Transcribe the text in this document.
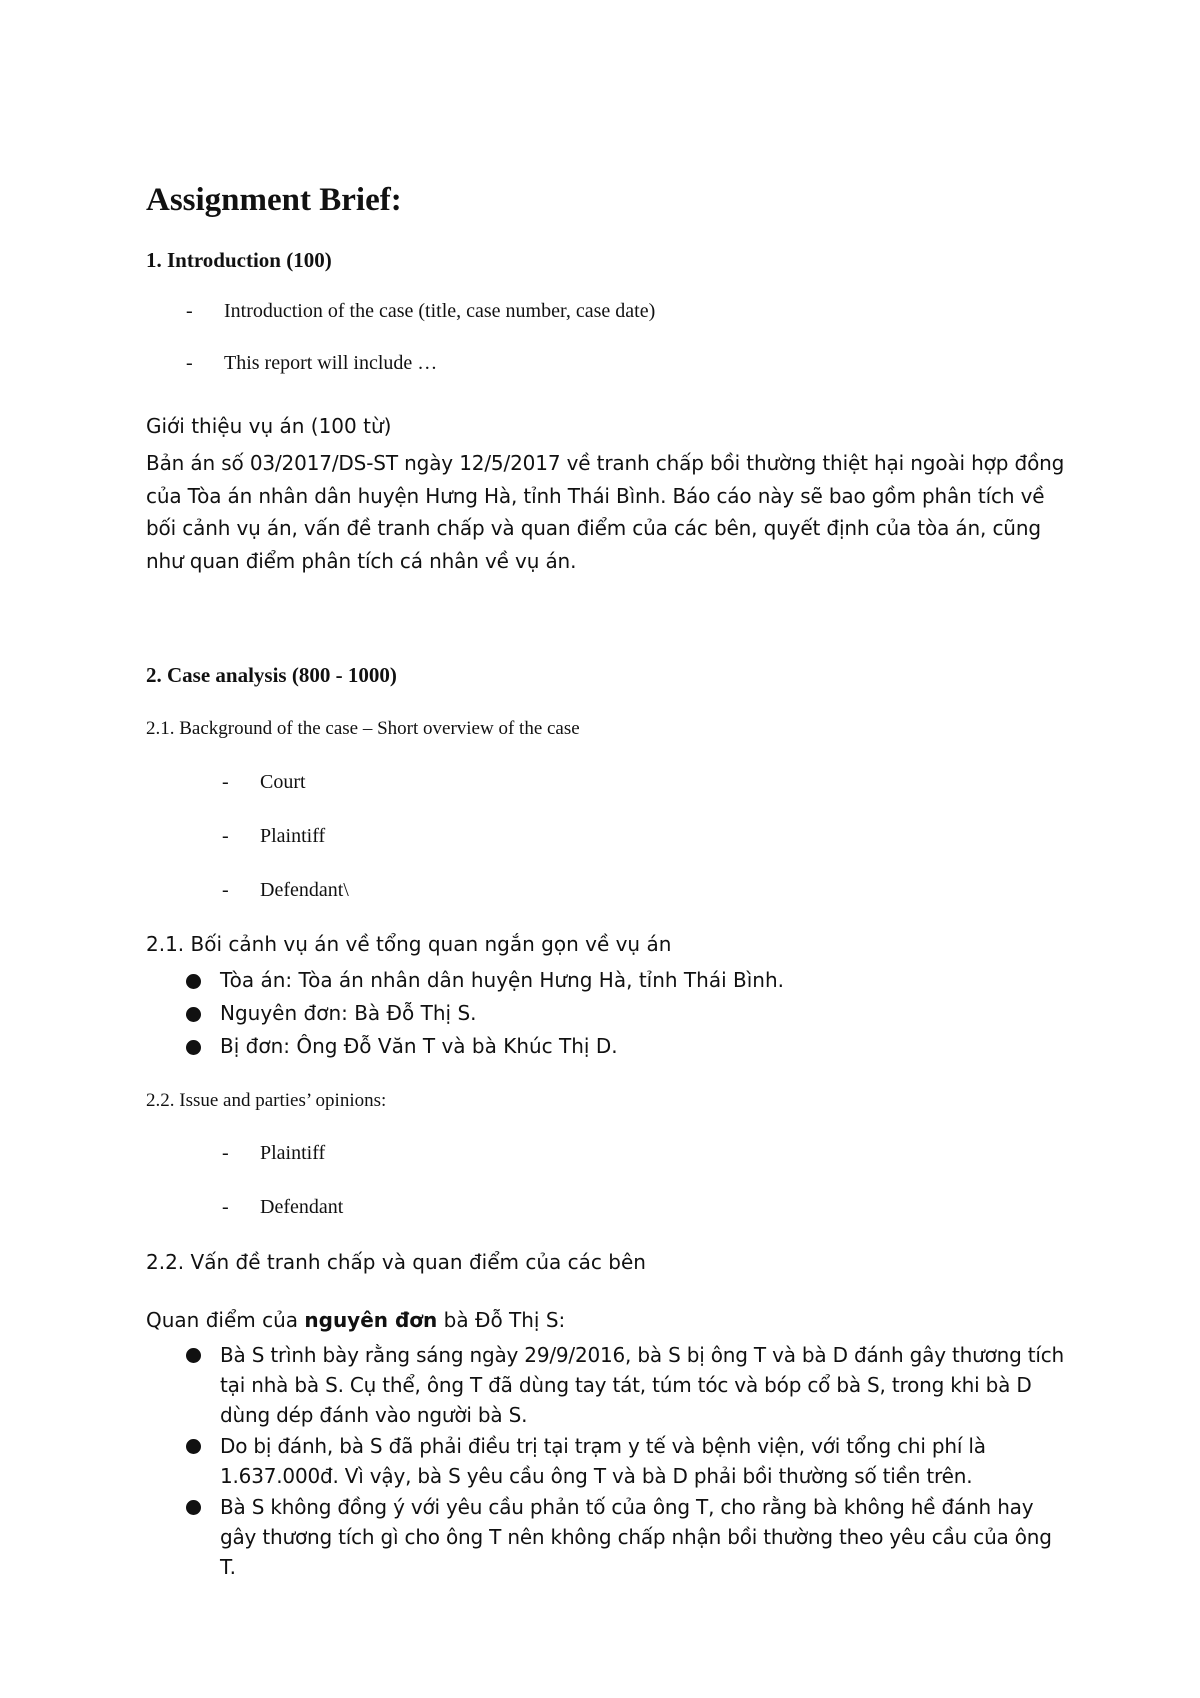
Assignment Brief:
1. Introduction (100)
- Introduction of the case (title, case number, case date)
- This report will include …

Giới thiệu vụ án (100 từ)

Bản án số 03/2017/DS-ST ngày 12/5/2017 về tranh chấp bồi thường thiệt hại ngoài hợp đồng của Tòa án nhân dân huyện Hưng Hà, tỉnh Thái Bình. Báo cáo này sẽ bao gồm phân tích về bối cảnh vụ án, vấn đề tranh chấp và quan điểm của các bên, quyết định của tòa án, cũng như quan điểm phân tích cá nhân về vụ án.

2. Case analysis (800 - 1000)

2.1. Background of the case – Short overview of the case

- Court
- Plaintiff
- Defendant\

2.1. Bối cảnh vụ án về tổng quan ngắn gọn về vụ án

Tòa án: Tòa án nhân dân huyện Hưng Hà, tỉnh Thái Bình.
Nguyên đơn: Bà Đỗ Thị S.
Bị đơn: Ông Đỗ Văn T và bà Khúc Thị D.

2.2. Issue and parties’ opinions:

- Plaintiff
- Defendant

2.2. Vấn đề tranh chấp và quan điểm của các bên

Quan điểm của nguyên đơn bà Đỗ Thị S:

Bà S trình bày rằng sáng ngày 29/9/2016, bà S bị ông T và bà D đánh gây thương tích tại nhà bà S. Cụ thể, ông T đã dùng tay tát, túm tóc và bóp cổ bà S, trong khi bà D dùng dép đánh vào người bà S.
Do bị đánh, bà S đã phải điều trị tại trạm y tế và bệnh viện, với tổng chi phí là 1.637.000đ. Vì vậy, bà S yêu cầu ông T và bà D phải bồi thường số tiền trên.
Bà S không đồng ý với yêu cầu phản tố của ông T, cho rằng bà không hề đánh hay gây thương tích gì cho ông T nên không chấp nhận bồi thường theo yêu cầu của ông T.
